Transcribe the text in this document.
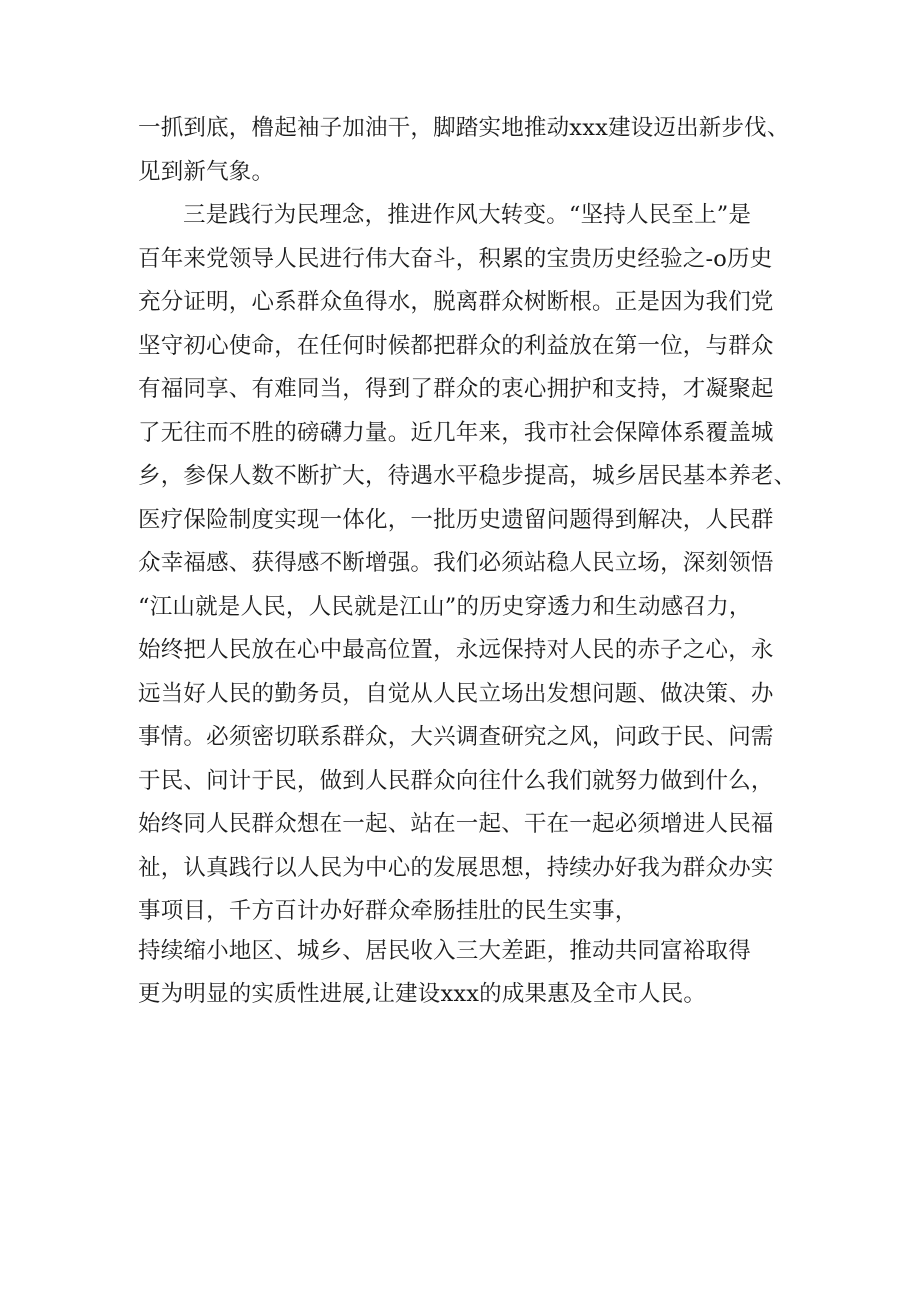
一抓到底，橹起袖子加油干，脚踏实地推动xxx建设迈出新步伐、

见到新气象。

三是践行为民理念，推进作风大转变。“坚持人民至上”是

百年来党领导人民进行伟大奋斗，积累的宝贵历史经验之-o历史

充分证明，心系群众鱼得水，脱离群众树断根。正是因为我们党

坚守初心使命，在任何时候都把群众的利益放在第一位，与群众

有福同享、有难同当，得到了群众的衷心拥护和支持，才凝聚起

了无往而不胜的磅礴力量。近几年来，我市社会保障体系覆盖城

乡，参保人数不断扩大，待遇水平稳步提高，城乡居民基本养老、

医疗保险制度实现一体化，一批历史遗留问题得到解决，人民群

众幸福感、获得感不断增强。我们必须站稳人民立场，深刻领悟

“江山就是人民，人民就是江山”的历史穿透力和生动感召力，

始终把人民放在心中最高位置，永远保持对人民的赤子之心，永

远当好人民的勤务员，自觉从人民立场出发想问题、做决策、办

事情。必须密切联系群众，大兴调查研究之风，问政于民、问需

于民、问计于民，做到人民群众向往什么我们就努力做到什么，

始终同人民群众想在一起、站在一起、干在一起必须增进人民福

祉，认真践行以人民为中心的发展思想，持续办好我为群众办实

事项目，千方百计办好群众牵肠挂肚的民生实事，

持续缩小地区、城乡、居民收入三大差距，推动共同富裕取得

更为明显的实质性进展,让建设xxx的成果惠及全市人民。
